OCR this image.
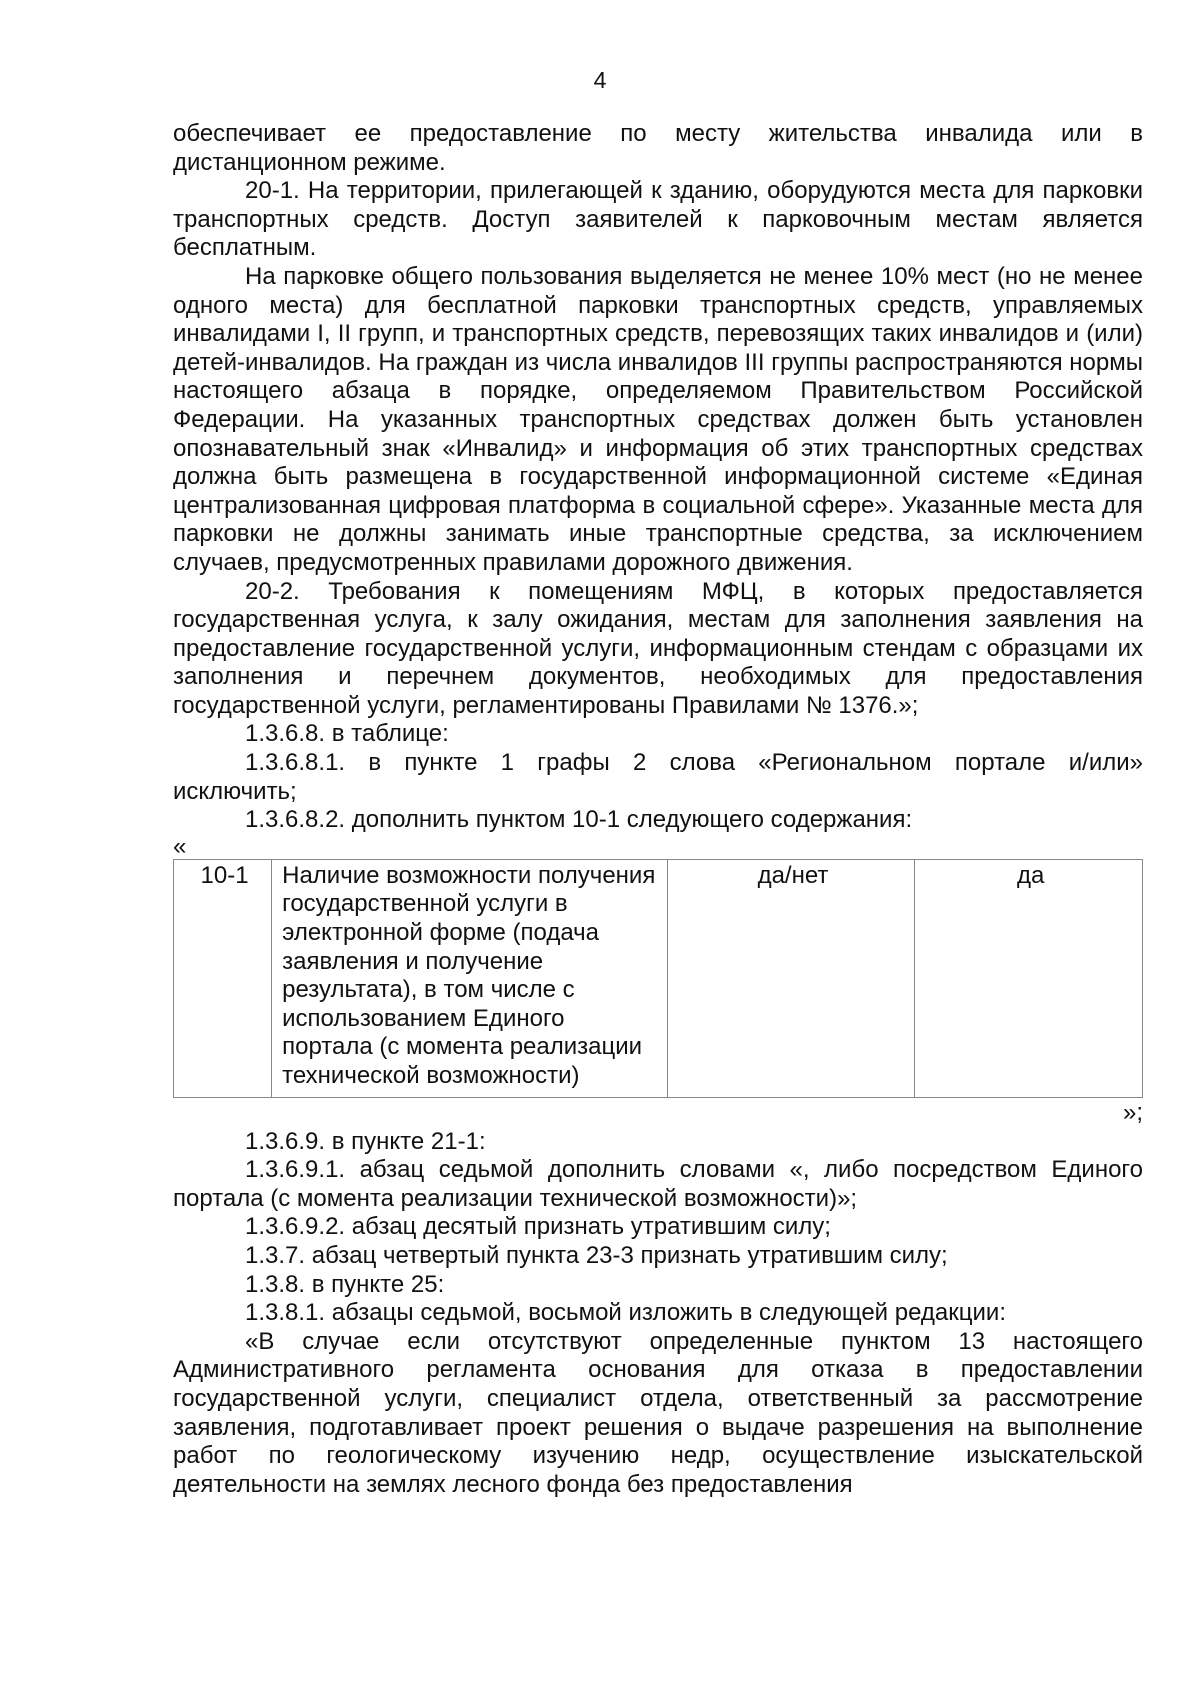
4

обеспечивает ее предоставление по месту жительства инвалида или в дистанционном режиме.

20-1. На территории, прилегающей к зданию, оборудуются места для парковки транспортных средств. Доступ заявителей к парковочным местам является бесплатным.

На парковке общего пользования выделяется не менее 10% мест (но не менее одного места) для бесплатной парковки транспортных средств, управляемых инвалидами I, II групп, и транспортных средств, перевозящих таких инвалидов и (или) детей-инвалидов. На граждан из числа инвалидов III группы распространяются нормы настоящего абзаца в порядке, определяемом Правительством Российской Федерации. На указанных транспортных средствах должен быть установлен опознавательный знак «Инвалид» и информация об этих транспортных средствах должна быть размещена в государственной информационной системе «Единая централизованная цифровая платформа в социальной сфере». Указанные места для парковки не должны занимать иные транспортные средства, за исключением случаев, предусмотренных правилами дорожного движения.

20-2. Требования к помещениям МФЦ, в которых предоставляется государственная услуга, к залу ожидания, местам для заполнения заявления на предоставление государственной услуги, информационным стендам с образцами их заполнения и перечнем документов, необходимых для предоставления государственной услуги, регламентированы Правилами № 1376.»;

1.3.6.8. в таблице:

1.3.6.8.1. в пункте 1 графы 2 слова «Региональном портале и/или» исключить;

1.3.6.8.2. дополнить пунктом 10-1 следующего содержания:

«

10-1	Наличие возможности получения государственной услуги в электронной форме (подача заявления и получение результата), в том числе с использованием Единого портала (с момента реализации технической возможности)	да/нет	да

»;

1.3.6.9. в пункте 21-1:

1.3.6.9.1. абзац седьмой дополнить словами «, либо посредством Единого портала (с момента реализации технической возможности)»;

1.3.6.9.2. абзац десятый признать утратившим силу;

1.3.7. абзац четвертый пункта 23-3 признать утратившим силу;

1.3.8. в пункте 25:

1.3.8.1. абзацы седьмой, восьмой изложить в следующей редакции:

«В случае если отсутствуют определенные пунктом 13 настоящего Административного регламента основания для отказа в предоставлении государственной услуги, специалист отдела, ответственный за рассмотрение заявления, подготавливает проект решения о выдаче разрешения на выполнение работ по геологическому изучению недр, осуществление изыскательской деятельности на землях лесного фонда без предоставления
